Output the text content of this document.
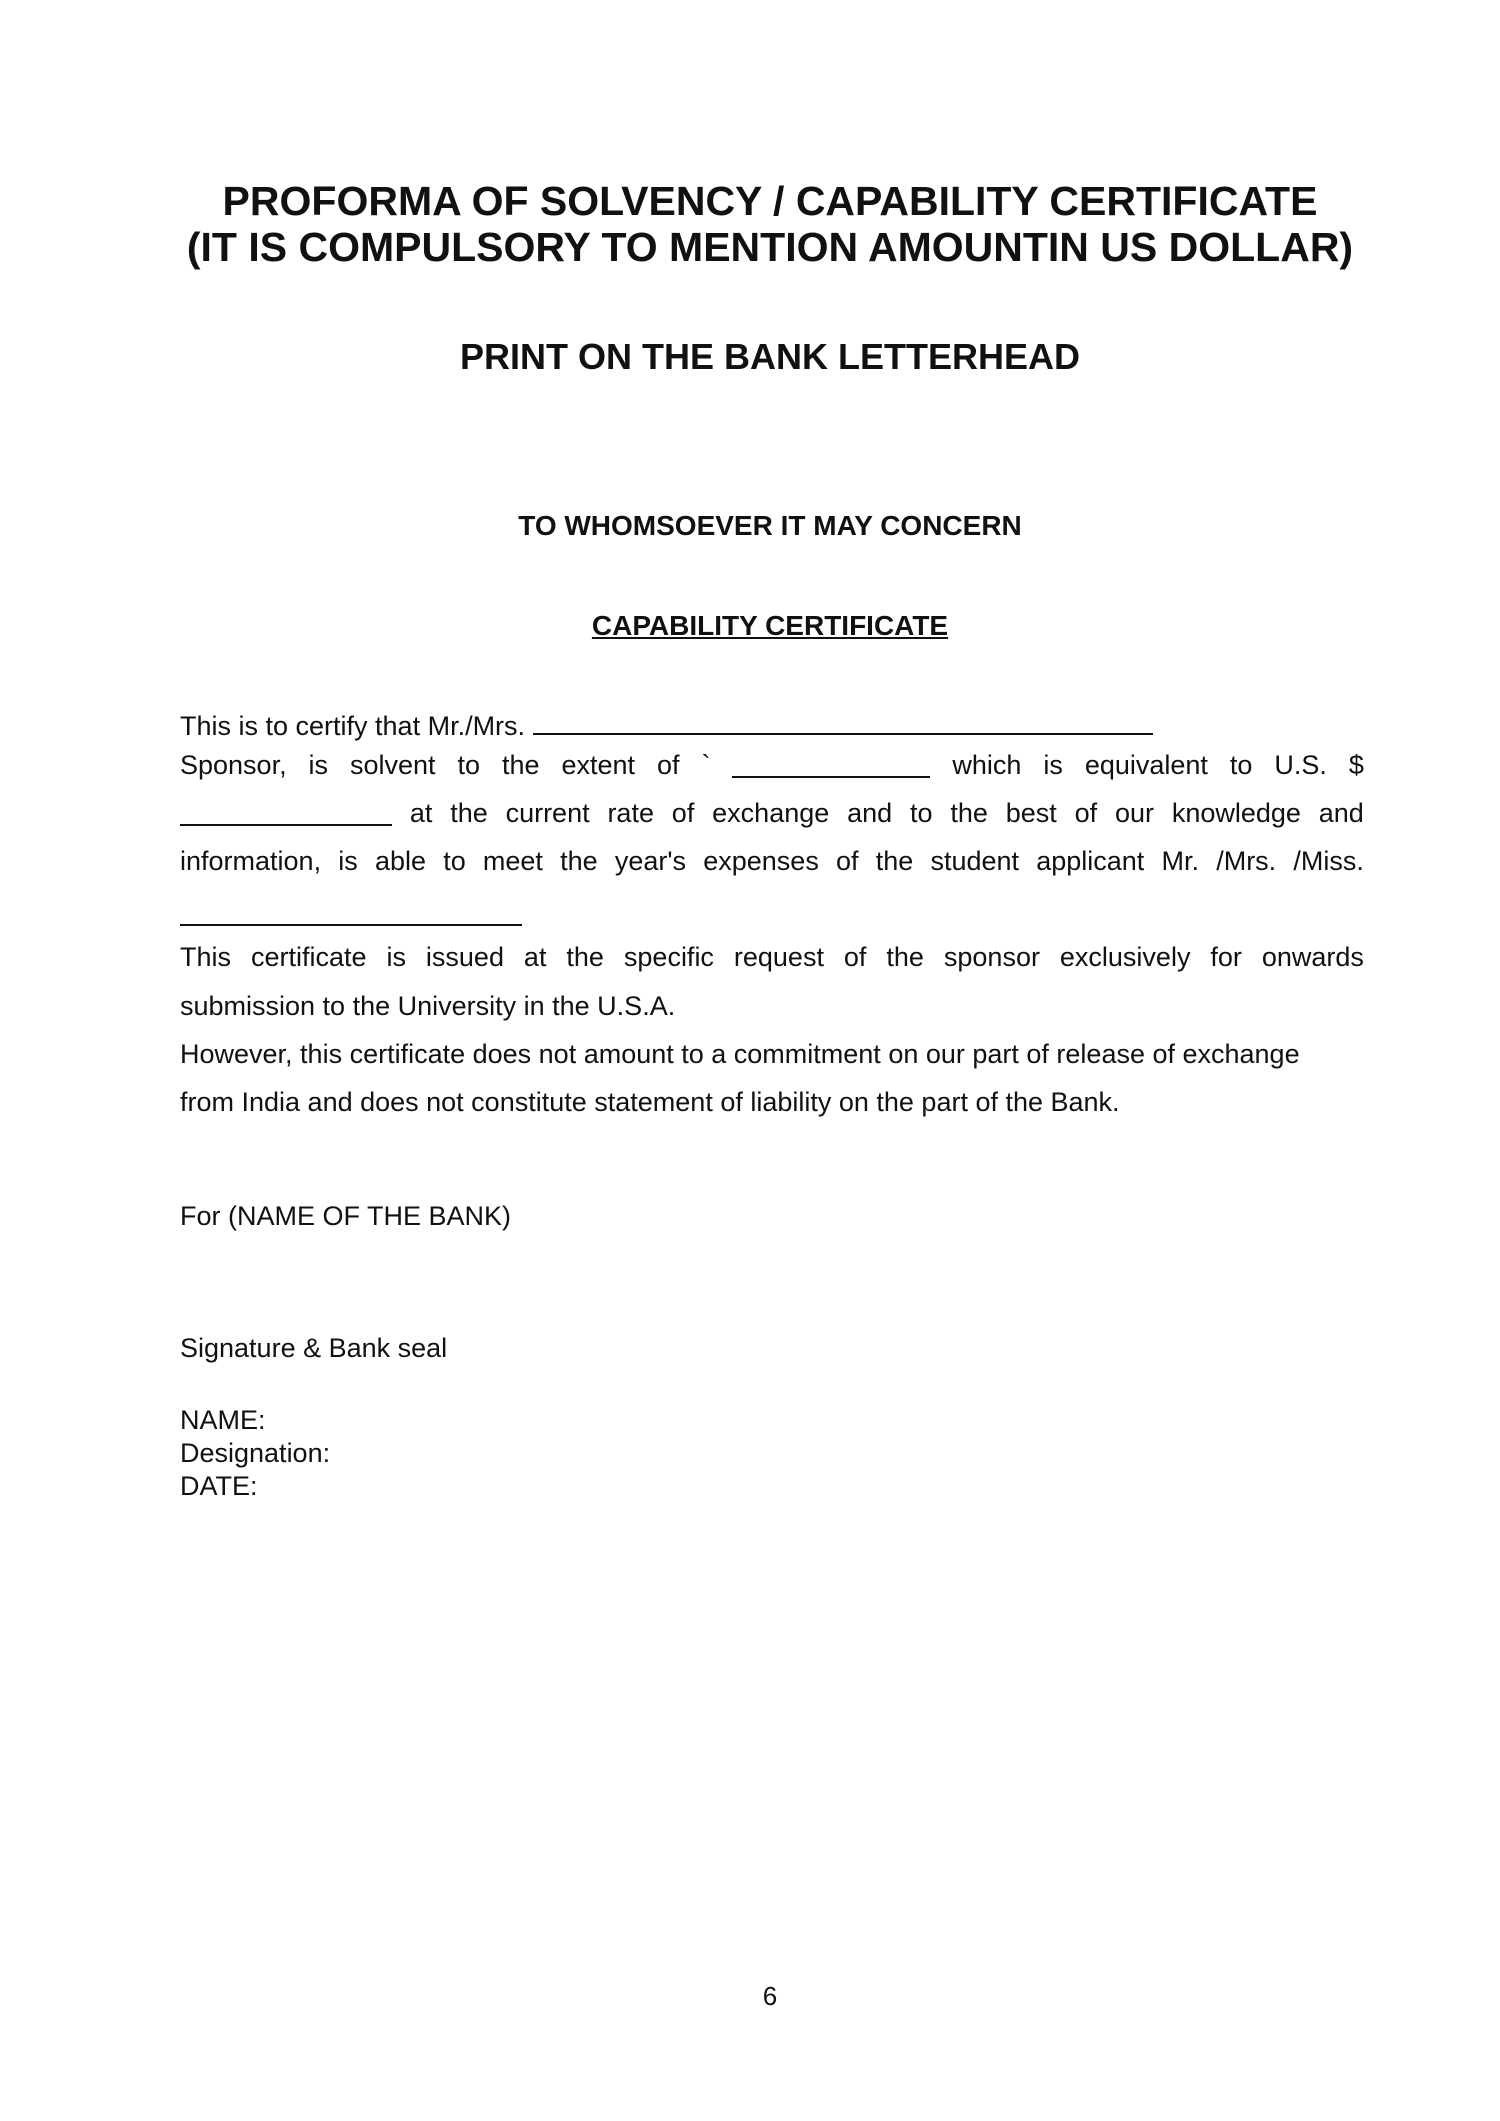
PROFORMA OF SOLVENCY / CAPABILITY CERTIFICATE
(IT IS COMPULSORY TO MENTION AMOUNTIN US DOLLAR)
PRINT ON THE BANK LETTERHEAD
TO WHOMSOEVER IT MAY CONCERN
CAPABILITY CERTIFICATE
This is to certify that Mr./Mrs.
Sponsor, is solvent to the extent of `	which is equivalent to U.S. $
at the current rate of exchange and to the best of our knowledge and
information, is able to meet the year's expenses of the student applicant Mr. /Mrs. /Miss.
This certificate is issued at the specific request of the sponsor exclusively for onwards
submission to the University in the U.S.A.
However, this certificate does not amount to a commitment on our part of release of exchange
from India and does not constitute statement of liability on the part of the Bank.
For (NAME OF THE BANK)
Signature & Bank seal
NAME:
Designation:
DATE:
6
